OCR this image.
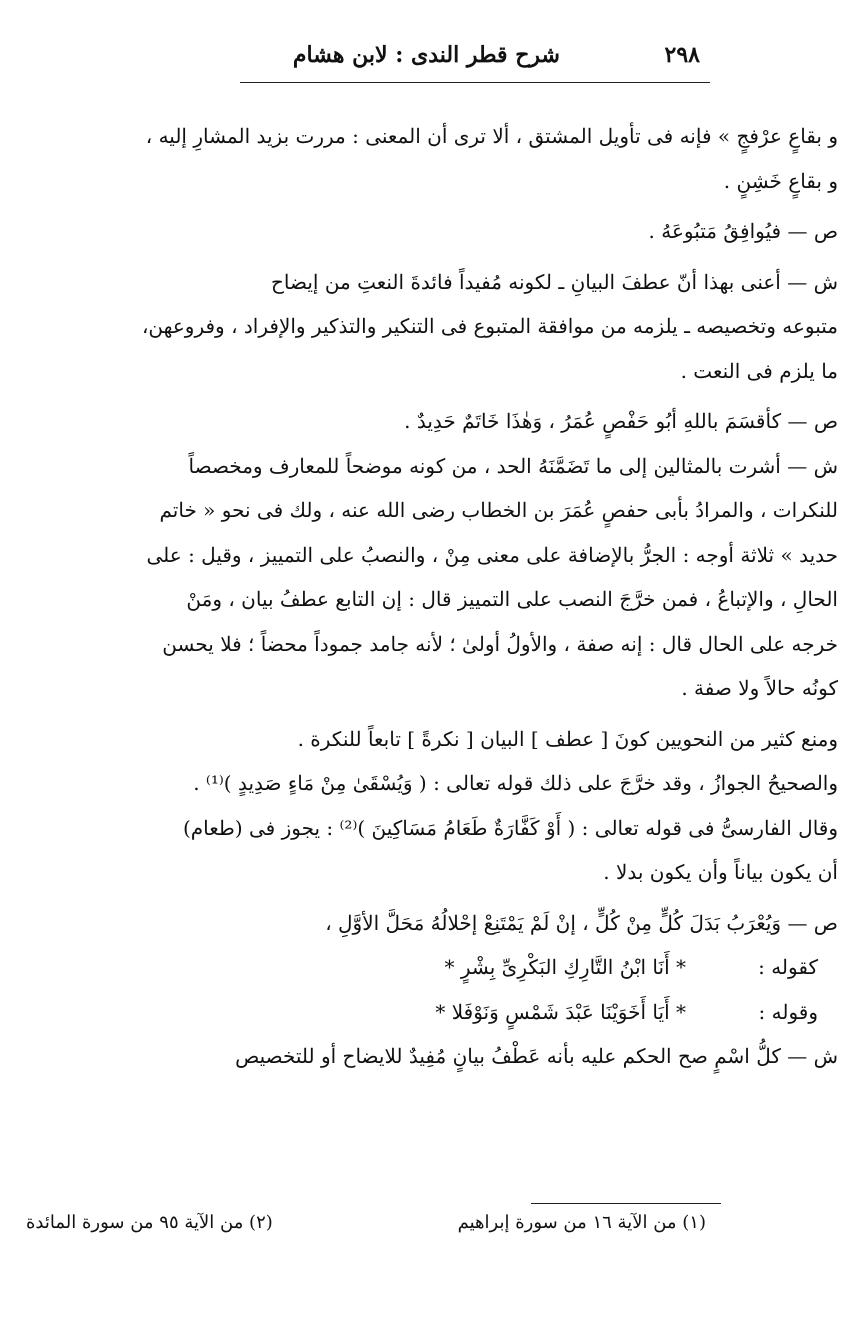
٢٩٨
شرح قطر الندى : لابن هشام

و بقاعٍ عرْفجٍ » فإنه فى تأويل المشتق ، ألا ترى أن المعنى : مررت بزيد المشارِ إليه ،

و بقاعٍ خَشِنٍ .

ص — فيُوافِقُ مَتبُوعَهُ .

ش — أعنى بهذا أنّ عطفَ البيانِ ـ لكونه مُفيداً فائدةَ النعتِ من إيضاح

متبوعه وتخصيصه ـ يلزمه من موافقة المتبوع فى التنكير والتذكير والإفراد ، وفروعهن،

ما يلزم فى النعت .

ص — كأقسَمَ باللهِ أبُو حَفْصٍ عُمَرُ ، وَهٰذَا خَاتَمٌ حَدِيدٌ .

ش — أشرت بالمثالين إلى ما تَضَمَّنَهُ الحد ، من كونه موضحاً للمعارف ومخصصاً

للنكرات ، والمرادُ بأبى حفصٍ عُمَرَ بن الخطاب رضى الله عنه ، ولك فى نحو « خاتم

حديد » ثلاثة أوجه : الجرُّ بالإضافة على معنى مِنْ ، والنصبُ على التمييز ، وقيل : على

الحالِ ، والإتباعُ ، فمن خرَّجَ النصب على التمييز قال : إن التابع عطفُ بيان ، ومَنْ

خرجه على الحال قال : إنه صفة ، والأولُ أولىٰ ؛ لأنه جامد جموداً محضاً ؛ فلا يحسن

كونُه حالاً ولا صفة .

ومنع كثير من النحويين كونَ [ عطف ] البيان [ نكرةً ] تابعاً للنكرة .

والصحيحُ الجوازُ ، وقد خرَّجَ على ذلك قوله تعالى : ( وَيُسْقَىٰ مِنْ مَاءٍ صَدِيدٍ )⁽¹⁾ .

وقال الفارسىُّ فى قوله تعالى : ( أَوْ كَفَّارَةٌ طَعَامُ مَسَاكِينَ )⁽²⁾ : يجوز فى (طعام)

أن يكون بياناً وأن يكون بدلا .

ص — وَيُعْرَبُ بَدَلَ كُلٍّ مِنْ كُلٍّ ، إنْ لَمْ يَمْتَنِعْ إحْلالُهُ مَحَلَّ الأوَّلِ ،

كقوله :
* أَنَا ابْنُ التَّارِكِ البَكْرِىِّ بِشْرٍ *
وقوله :
* أَيَا أَخَوَيْنَا عَبْدَ شَمْسٍ وَنَوْفَلا *

ش — كلُّ اسْمٍ صح الحكم عليه بأنه عَطْفُ بيانٍ مُفِيدٌ للايضاح أو للتخصيص

(١) من الآية ١٦ من سورة إبراهيم
(٢) من الآية ٩٥ من سورة المائدة
